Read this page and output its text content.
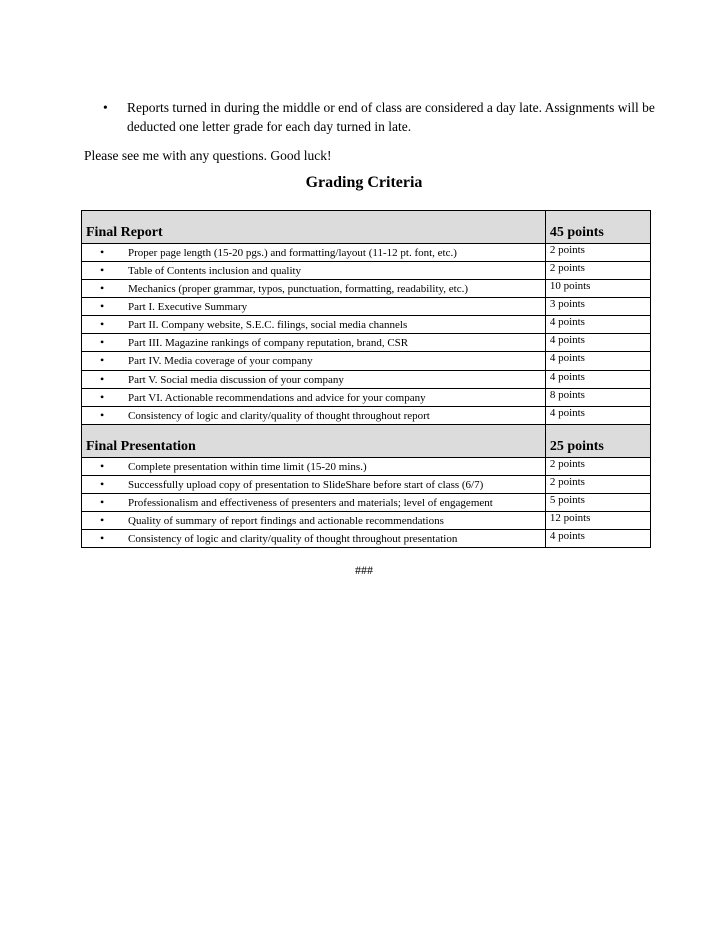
•	Reports turned in during the middle or end of class are considered a day late. Assignments will be deducted one letter grade for each day turned in late.
Please see me with any questions. Good luck!
Grading Criteria
Final Report	45 points

• Proper page length (15-20 pgs.) and formatting/layout (11-12 pt. font, etc.)	2 points

• Table of Contents inclusion and quality	2 points

• Mechanics (proper grammar, typos, punctuation, formatting, readability, etc.)	10 points

• Part I. Executive Summary	3 points

• Part II. Company website, S.E.C. filings, social media channels	4 points

• Part III. Magazine rankings of company reputation, brand, CSR	4 points

• Part IV. Media coverage of your company	4 points

• Part V. Social media discussion of your company	4 points

• Part VI. Actionable recommendations and advice for your company	8 points

• Consistency of logic and clarity/quality of thought throughout report	4 points

Final Presentation	25 points

• Complete presentation within time limit (15-20 mins.)	2 points

• Successfully upload copy of presentation to SlideShare before start of class (6/7)	2 points

• Professionalism and effectiveness of presenters and materials; level of engagement	5 points

• Quality of summary of report findings and actionable recommendations	12 points

• Consistency of logic and clarity/quality of thought throughout presentation	4 points
###
